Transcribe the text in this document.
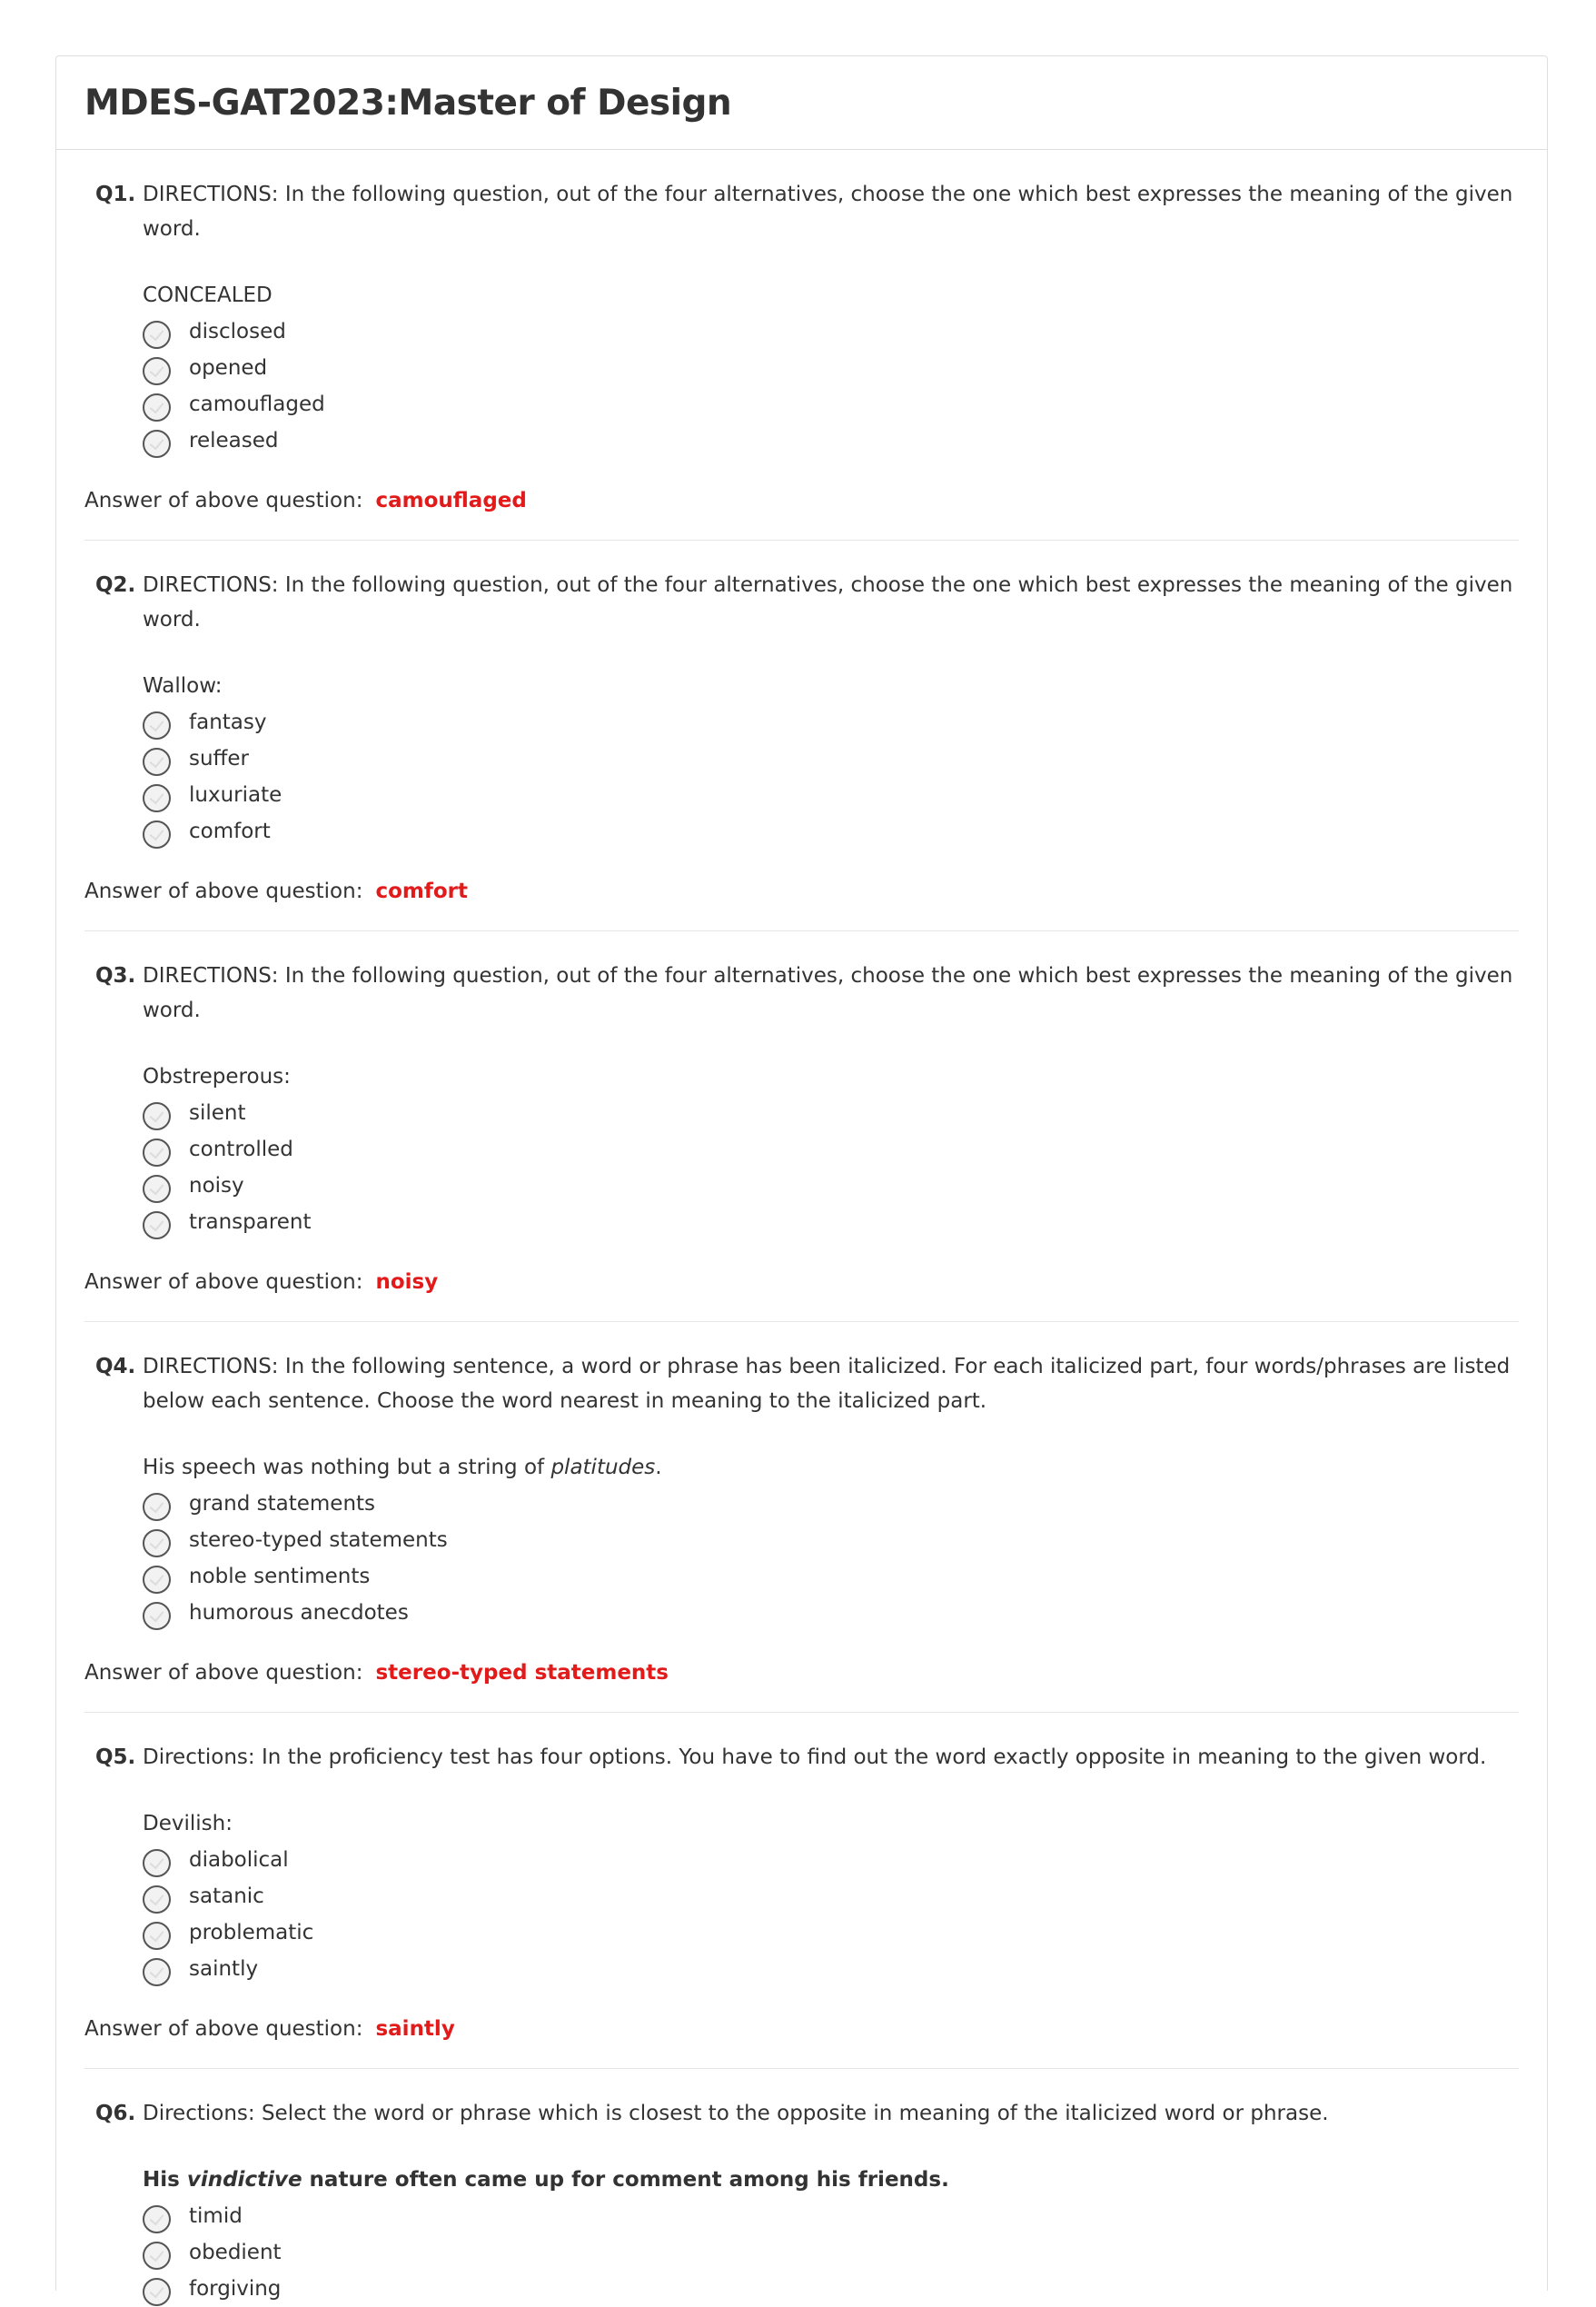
MDES-GAT2023:Master of Design
Q1. DIRECTIONS: In the following question, out of the four alternatives, choose the one which best expresses the meaning of the given word.
CONCEALED
disclosed
opened
camouflaged
released
Answer of above question: camouflaged
Q2. DIRECTIONS: In the following question, out of the four alternatives, choose the one which best expresses the meaning of the given word.
Wallow:
fantasy
suffer
luxuriate
comfort
Answer of above question: comfort
Q3. DIRECTIONS: In the following question, out of the four alternatives, choose the one which best expresses the meaning of the given word.
Obstreperous:
silent
controlled
noisy
transparent
Answer of above question: noisy
Q4. DIRECTIONS: In the following sentence, a word or phrase has been italicized. For each italicized part, four words/phrases are listed below each sentence. Choose the word nearest in meaning to the italicized part.
His speech was nothing but a string of platitudes.
grand statements
stereo-typed statements
noble sentiments
humorous anecdotes
Answer of above question: stereo-typed statements
Q5. Directions: In the proficiency test has four options. You have to find out the word exactly opposite in meaning to the given word.
Devilish:
diabolical
satanic
problematic
saintly
Answer of above question: saintly
Q6. Directions: Select the word or phrase which is closest to the opposite in meaning of the italicized word or phrase.
His vindictive nature often came up for comment among his friends.
timid
obedient
forgiving
